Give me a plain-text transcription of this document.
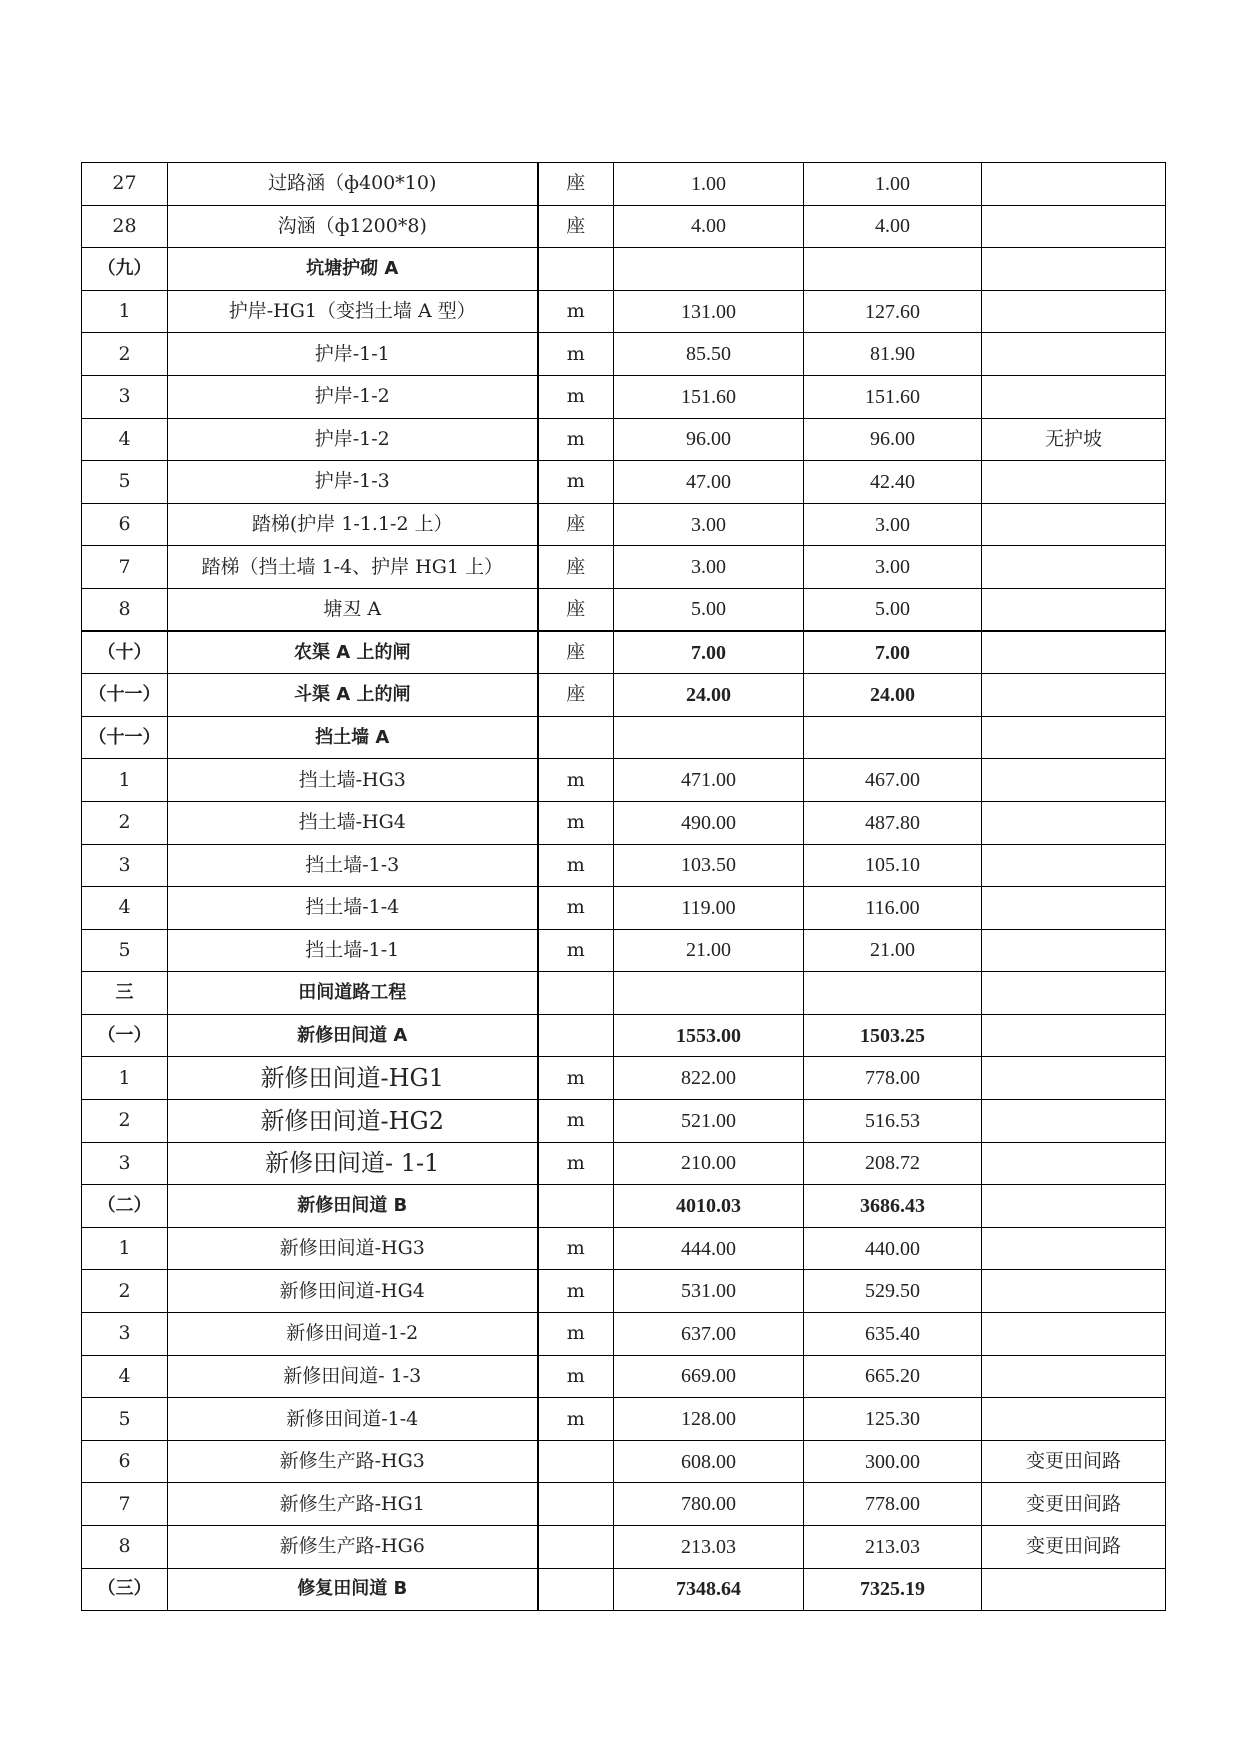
27	过路涵（ф400*10)	座	1.00	1.00	
28	沟涵（ф1200*8)	座	4.00	4.00	
（九）	坑塘护砌 A				
1	护岸-HG1（变挡土墙 A 型）	m	131.00	127.60	
2	护岸-1-1	m	85.50	81.90	
3	护岸-1-2	m	151.60	151.60	
4	护岸-1-2	m	96.00	96.00	无护坡
5	护岸-1-3	m	47.00	42.40	
6	踏梯(护岸 1-1.1-2 上）	座	3.00	3.00	
7	踏梯（挡土墙 1-4、护岸 HG1 上）	座	3.00	3.00	
8	塘丒 A	座	5.00	5.00	
（十）	农渠 A 上的闸	座	7.00	7.00	
（十一）	斗渠 A 上的闸	座	24.00	24.00	
（十一）	挡土墙 A				
1	挡土墙-HG3	m	471.00	467.00	
2	挡土墙-HG4	m	490.00	487.80	
3	挡土墙-1-3	m	103.50	105.10	
4	挡土墙-1-4	m	119.00	116.00	
5	挡土墙-1-1	m	21.00	21.00	
三	田间道路工程				
（一）	新修田间道 A		1553.00	1503.25	
1	新修田间道-HG1	m	822.00	778.00	
2	新修田间道-HG2	m	521.00	516.53	
3	新修田间道- 1-1	m	210.00	208.72	
（二）	新修田间道 B		4010.03	3686.43	
1	新修田间道-HG3	m	444.00	440.00	
2	新修田间道-HG4	m	531.00	529.50	
3	新修田间道-1-2	m	637.00	635.40	
4	新修田间道- 1-3	m	669.00	665.20	
5	新修田间道-1-4	m	128.00	125.30	
6	新修生产路-HG3		608.00	300.00	变更田间路
7	新修生产路-HG1		780.00	778.00	变更田间路
8	新修生产路-HG6		213.03	213.03	变更田间路
（三）	修复田间道 B		7348.64	7325.19	
